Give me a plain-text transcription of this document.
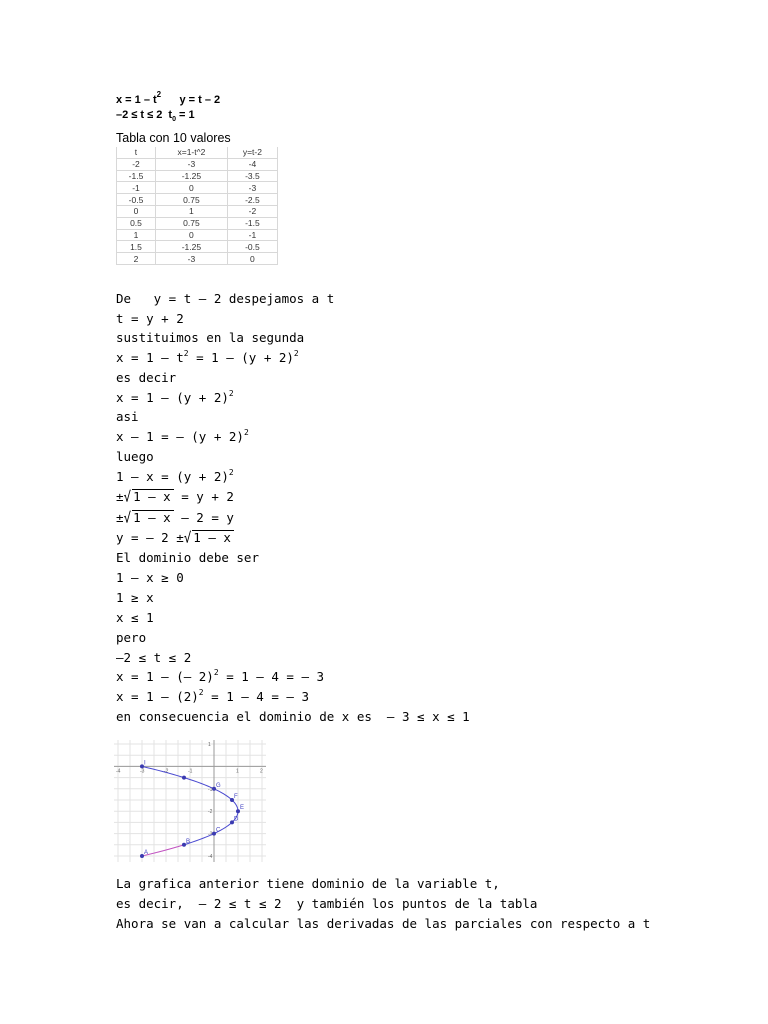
$x = 1 - t^2$ y = t – 2
–2 ≤ t ≤ 2  $t_0 = 1$
Tabla con 10 valores
t	x=1-t^2	y=t-2
-2	-3	-4
-1.5	-1.25	-3.5
-1	0	-3
-0.5	0.75	-2.5
0	1	-2
0.5	0.75	-1.5
1	0	-1
1.5	-1.25	-0.5
2	-3	0
De   y = t – 2 despejamos a t
t = y + 2
sustituimos en la segunda
$x = 1 - t^2 = 1 - (y + 2)^2$
es decir
$x = 1 - (y + 2)^2$
asi
x – 1 = – $(y + 2)^2$
luego
$1 - x = (y + 2)^2$
±√ 1 – x = y + 2
±√ 1 – x – 2 = y
y = – 2 ±√ 1 – x
El dominio debe ser
1 – x ≥ 0
1 ≥ x
x ≤ 1
pero
–2 ≤ t ≤ 2
x = 1 – (– 2)$^2$ = 1 – 4 = – 3
$x = 1 - (2)^2 = 1 - 4$ = – 3
en consecuencia el dominio de x es  – 3 ≤ x ≤ 1
-4	-3	-2	-1	1	2
1
-1
-2
-3
-4
A
B
C
D
E
F
G
I
La grafica anterior tiene dominio de la variable t,
es decir,  – 2 ≤ t ≤ 2  y también los puntos de la tabla
Ahora se van a calcular las derivadas de las parciales con respecto a t
